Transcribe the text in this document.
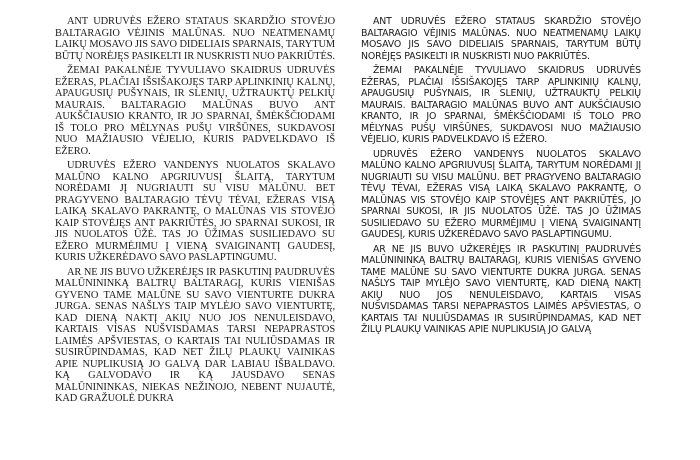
ANT UDRUVĖS EŽERO STATAUS SKARDŽIO STOVĖJO BALTARAGIO VĖJINIS MALŪNAS. NUO NEATMENAMŲ LAIKŲ MOSAVO JIS SAVO DIDELIAIS SPARNAIS, TARYTUM BŪTŲ NORĖJĘS PASIKELTI IR NUSKRISTI NUO PAKRIŪTĖS.

ŽEMAI PAKALNĖJE TYVULIAVO SKAIDRUS UDRUVĖS EŽERAS, PLAČIAI IŠSIŠAKOJĘS TARP APLINKINIŲ KALNŲ, APAUGUSIŲ PUŠYNAIS, IR SLENIŲ, UŽTRAUKTŲ PELKIŲ MAURAIS. BALTARAGIO MALŪNAS BUVO ANT AUKŠČIAUSIO KRANTO, IR JO SPARNAI, ŠMĖKŠČIODAMI IŠ TOLO PRO MĖLYNAS PUŠŲ VIRŠŪNES, SUKDAVOSI NUO MAŽIAUSIO VĖJELIO, KURIS PADVELKDAVO IŠ EŽERO.

UDRUVĖS EŽERO VANDENYS NUOLATOS SKALAVO MALŪNO KALNO APGRIUVUSĮ ŠLAITĄ, TARYTUM NORĖDAMI JĮ NUGRIAUTI SU VISU MALŪNU. BET PRAGYVENO BALTARAGIO TĖVŲ TĖVAI, EŽERAS VISĄ LAIKĄ SKALAVO PAKRANTĘ, O MALŪNAS VIS STOVĖJO KAIP STOVĖJĘS ANT PAKRIŪTĖS, JO SPARNAI SUKOSI, IR JIS NUOLATOS ŪŽĖ. TAS JO ŪŽIMAS SUSILIEDAVO SU EŽERO MURMĖJIMU Į VIENĄ SVAIGINANTĮ GAUDESĮ, KURIS UŽKERĖDAVO SAVO PASLAPTINGUMU.

AR NE JIS BUVO UŽKERĖJĘS IR PASKUTINĮ PAUDRUVĖS MALŪNININKĄ BALTRŲ BALTARAGĮ, KURIS VIENIŠAS GYVENO TAME MALŪNE SU SAVO VIENTURTE DUKRA JURGA. SENAS NAŠLYS TAIP MYLĖJO SAVO VIENTURTĘ, KAD DIENĄ NAKTĮ AKIŲ NUO JOS NENULEISDAVO, KARTAIS VISAS NUŠVISDAMAS TARSI NEPAPRASTOS LAIMĖS APŠVIESTAS, O KARTAIS TAI NULIŪSDAMAS IR SUSIRŪPINDAMAS, KAD NET ŽILŲ PLAUKŲ VAINIKAS APIE NUPLIKUSIĄ JO GALVĄ DAR LABIAU IŠBALDAVO. KĄ GALVODAVO IR KĄ JAUSDAVO SENAS MALŪNININKAS, NIEKAS NEŽINOJO, NEBENT NUJAUTĖ, KAD GRAŽUOLĖ DUKRA

ANT UDRUVĖS EŽERO STATAUS SKARDŽIO STOVĖJO BALTARAGIO VĖJINIS MALŪNAS. NUO NEATMENAMŲ LAIKŲ MOSAVO JIS SAVO DIDELIAIS SPARNAIS, TARYTUM BŪTŲ NORĖJĘS PASIKELTI IR NUSKRISTI NUO PAKRIŪTĖS.

ŽEMAI PAKALNĖJE TYVULIAVO SKAIDRUS UDRUVĖS EŽERAS, PLAČIAI IŠSIŠAKOJĘS TARP APLINKINIŲ KALNŲ, APAUGUSIŲ PUŠYNAIS, IR SLENIŲ, UŽTRAUKTŲ PELKIŲ MAURAIS. BALTARAGIO MALŪNAS BUVO ANT AUKŠČIAUSIO KRANTO, IR JO SPARNAI, ŠMĖKŠČIODAMI IŠ TOLO PRO MĖLYNAS PUŠŲ VIRŠŪNES, SUKDAVOSI NUO MAŽIAUSIO VĖJELIO, KURIS PADVELKDAVO IŠ EŽERO.

UDRUVĖS EŽERO VANDENYS NUOLATOS SKALAVO MALŪNO KALNO APGRIUVUSĮ ŠLAITĄ, TARYTUM NORĖDAMI JĮ NUGRIAUTI SU VISU MALŪNU. BET PRAGYVENO BALTARAGIO TĖVŲ TĖVAI, EŽERAS VISĄ LAIKĄ SKALAVO PAKRANTĘ, O MALŪNAS VIS STOVĖJO KAIP STOVĖJĘS ANT PAKRIŪTĖS, JO SPARNAI SUKOSI, IR JIS NUOLATOS ŪŽĖ. TAS JO ŪŽIMAS SUSILIEDAVO SU EŽERO MURMĖJIMU Į VIENĄ SVAIGINANTĮ GAUDESĮ, KURIS UŽKERĖDAVO SAVO PASLAPTINGUMU.

AR NE JIS BUVO UŽKERĖJĘS IR PASKUTINĮ PAUDRUVĖS MALŪNININKĄ BALTRŲ BALTARAGĮ, KURIS VIENIŠAS GYVENO TAME MALŪNE SU SAVO VIENTURTE DUKRA JURGA. SENAS NAŠLYS TAIP MYLĖJO SAVO VIENTURTĘ, KAD DIENĄ NAKTĮ AKIŲ NUO JOS NENULEISDAVO, KARTAIS VISAS NUŠVISDAMAS TARSI NEPAPRASTOS LAIMĖS APŠVIESTAS, O KARTAIS TAI NULIŪSDAMAS IR SUSIRŪPINDAMAS, KAD NET ŽILŲ PLAUKŲ VAINIKAS APIE NUPLIKUSIĄ JO GALVĄ
